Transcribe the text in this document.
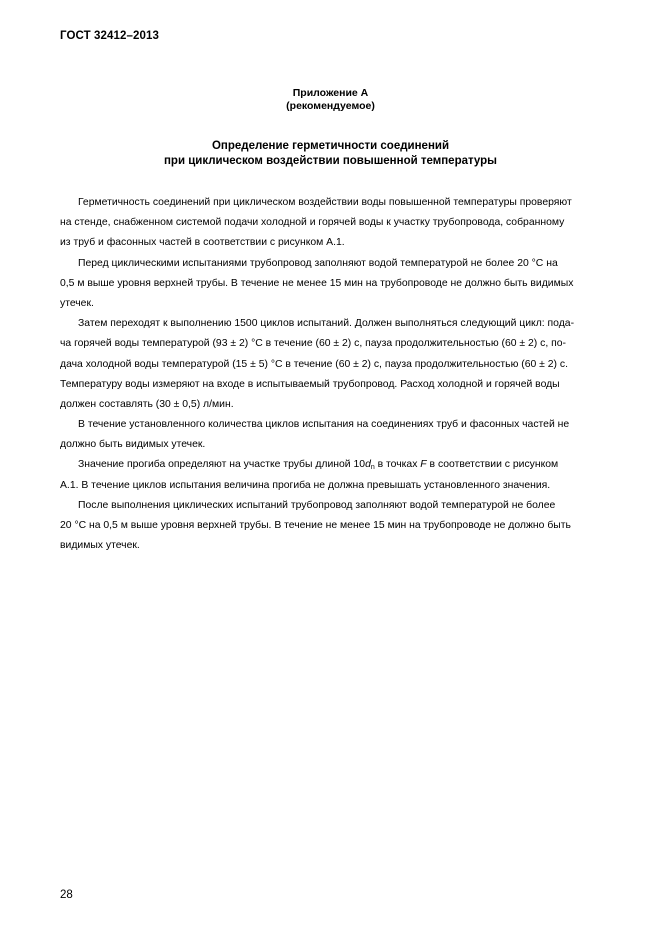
ГОСТ 32412–2013
Приложение А
(рекомендуемое)
Определение герметичности соединений
при циклическом воздействии повышенной температуры
Герметичность соединений при циклическом воздействии воды повышенной температуры проверяют
на стенде, снабженном системой подачи холодной и горячей воды к участку трубопровода, собранному
из труб и фасонных частей в соответствии с рисунком А.1.
Перед циклическими испытаниями трубопровод заполняют водой температурой не более 20 °C на
0,5 м выше уровня верхней трубы. В течение не менее 15 мин на трубопроводе не должно быть видимых
утечек.
Затем переходят к выполнению 1500 циклов испытаний. Должен выполняться следующий цикл: пода-
ча горячей воды температурой (93 ± 2) °C в течение (60 ± 2) с, пауза продолжительностью (60 ± 2) с, по-
дача холодной воды температурой (15 ± 5) °C в течение (60 ± 2) с, пауза продолжительностью (60 ± 2) с.
Температуру воды измеряют на входе в испытываемый трубопровод. Расход холодной и горячей воды
должен составлять (30 ± 0,5) л/мин.
В течение установленного количества циклов испытания на соединениях труб и фасонных частей не
должно быть видимых утечек.
Значение прогиба определяют на участке трубы длиной $10d_n$ в точках F в соответствии с рисунком
А.1. В течение циклов испытания величина прогиба не должна превышать установленного значения.
После выполнения циклических испытаний трубопровод заполняют водой температурой не более
20 °C на 0,5 м выше уровня верхней трубы. В течение не менее 15 мин на трубопроводе не должно быть
видимых утечек.
28
